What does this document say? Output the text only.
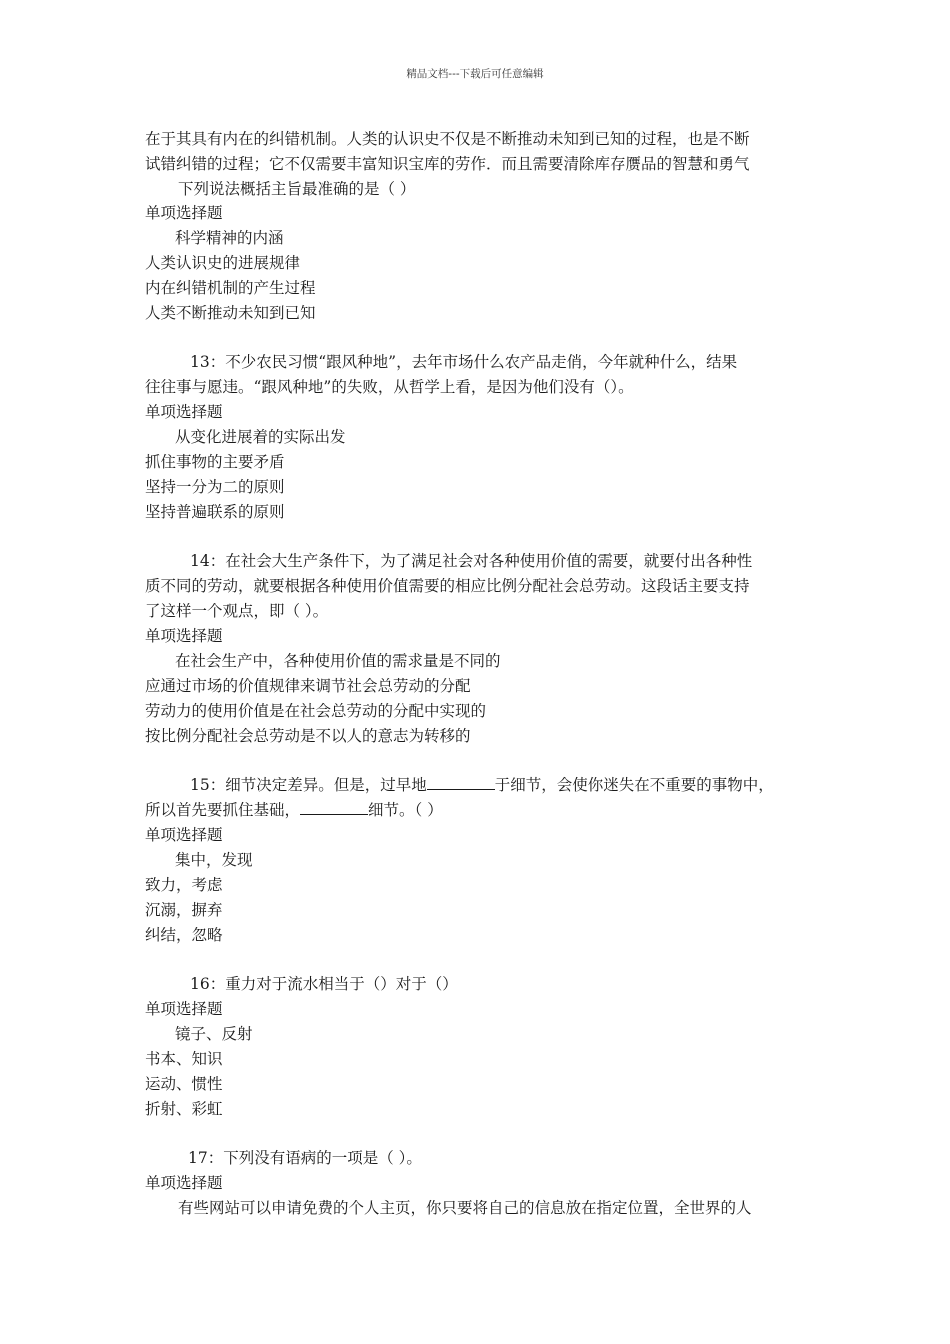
精品文档---下载后可任意编辑
在于其具有内在的纠错机制。人类的认识史不仅是不断推动未知到已知的过程，也是不断
试错纠错的过程；它不仅需要丰富知识宝库的劳作．而且需要清除库存赝品的智慧和勇气
下列说法概括主旨最准确的是（ ）
单项选择题
科学精神的内涵
人类认识史的进展规律
内在纠错机制的产生过程
人类不断推动未知到已知
13：不少农民习惯“跟风种地”，去年市场什么农产品走俏，今年就种什么，结果
往往事与愿违。“跟风种地”的失败，从哲学上看，是因为他们没有（）。
单项选择题
从变化进展着的实际出发
抓住事物的主要矛盾
坚持一分为二的原则
坚持普遍联系的原则
14：在社会大生产条件下，为了满足社会对各种使用价值的需要，就要付出各种性
质不同的劳动，就要根据各种使用价值需要的相应比例分配社会总劳动。这段话主要支持
了这样一个观点，即（ ）。
单项选择题
在社会生产中，各种使用价值的需求量是不同的
应通过市场的价值规律来调节社会总劳动的分配
劳动力的使用价值是在社会总劳动的分配中实现的
按比例分配社会总劳动是不以人的意志为转移的
15：细节决定差异。但是，过早地	于细节，会使你迷失在不重要的事物中，
所以首先要抓住基础，	细节。（ ）
单项选择题
集中，发现
致力，考虑
沉溺，摒弃
纠结，忽略
16：重力对于流水相当于（）对于（）
单项选择题
镜子、反射
书本、知识
运动、惯性
折射、彩虹
17：下列没有语病的一项是（ ）。
单项选择题
有些网站可以申请免费的个人主页，你只要将自己的信息放在指定位置，全世界的人
